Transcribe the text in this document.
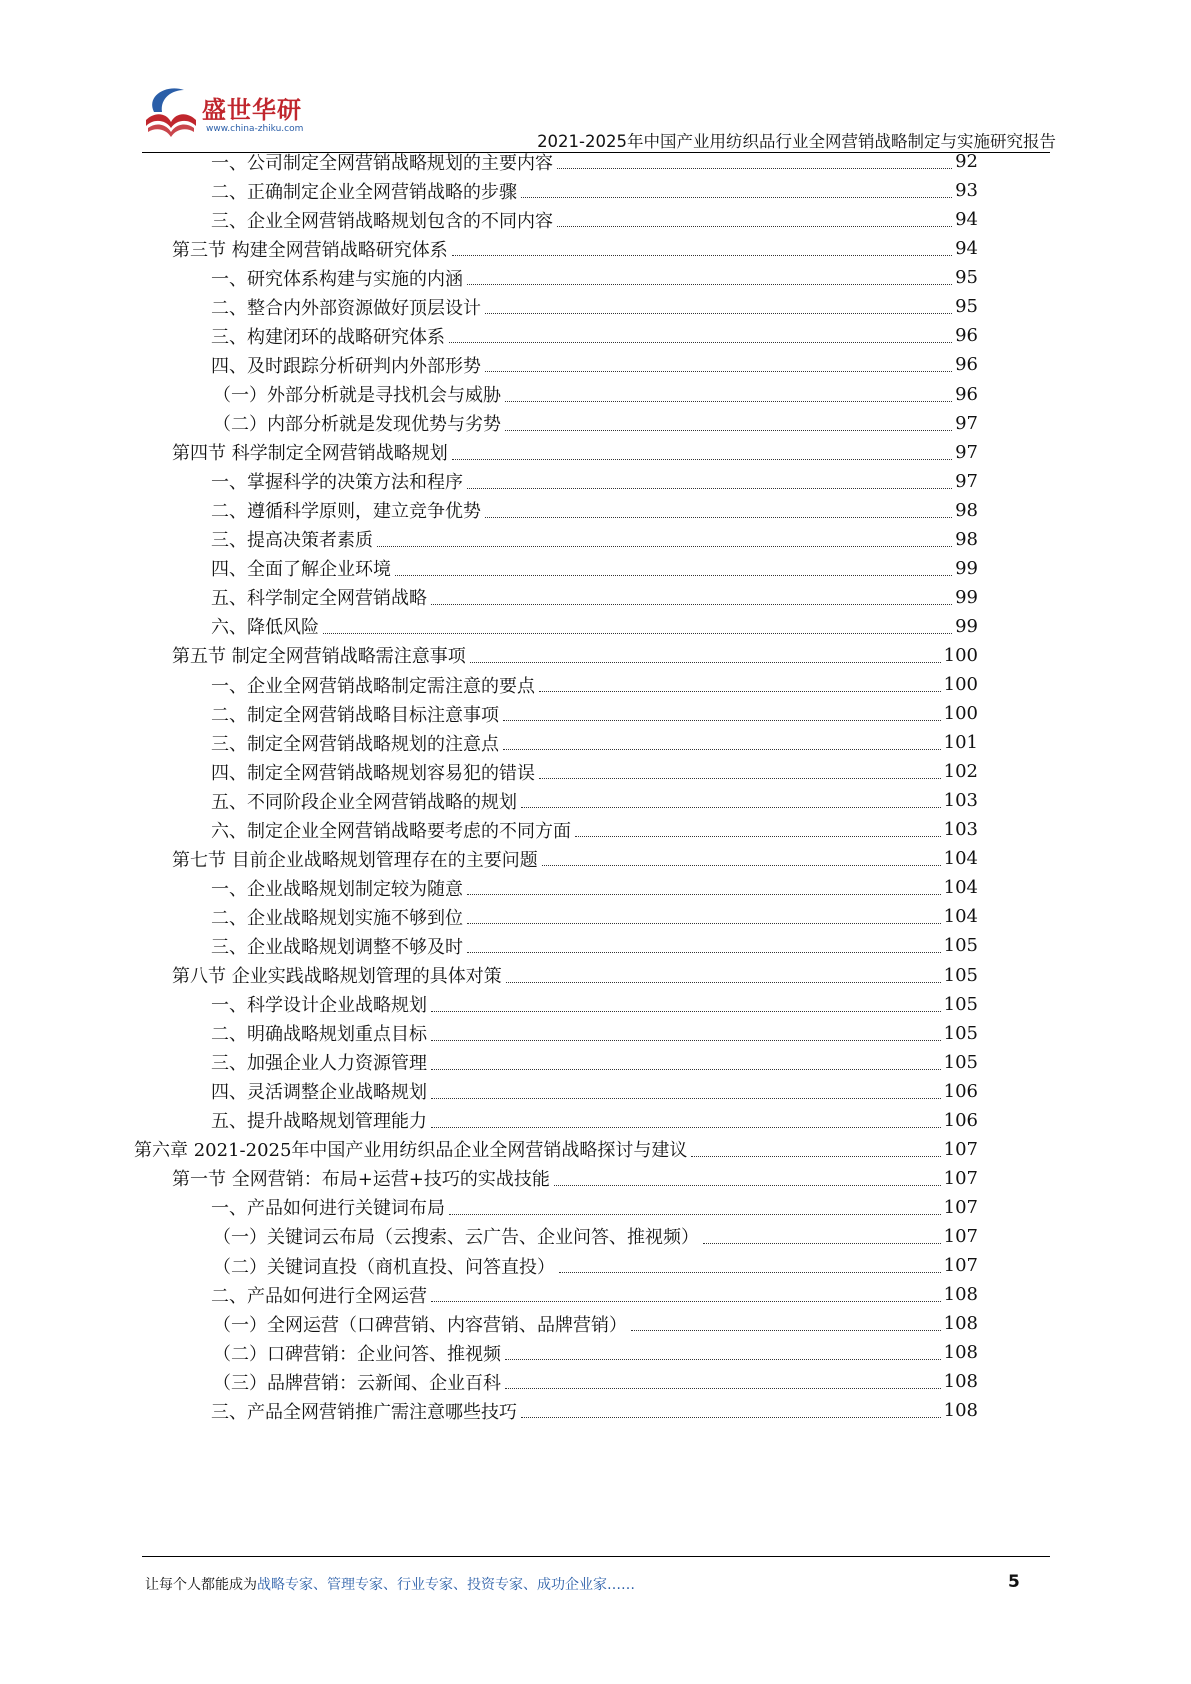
盛世华研
www.china-zhiku.com
2021-2025年中国产业用纺织品行业全网营销战略制定与实施研究报告
一、公司制定全网营销战略规划的主要内容	92
二、正确制定企业全网营销战略的步骤	93
三、企业全网营销战略规划包含的不同内容	94
第三节 构建全网营销战略研究体系	94
一、研究体系构建与实施的内涵	95
二、整合内外部资源做好顶层设计	95
三、构建闭环的战略研究体系	96
四、及时跟踪分析研判内外部形势	96
（一）外部分析就是寻找机会与威胁	96
（二）内部分析就是发现优势与劣势	97
第四节 科学制定全网营销战略规划	97
一、掌握科学的决策方法和程序	97
二、遵循科学原则，建立竞争优势	98
三、提高决策者素质	98
四、全面了解企业环境	99
五、科学制定全网营销战略	99
六、降低风险	99
第五节 制定全网营销战略需注意事项	100
一、企业全网营销战略制定需注意的要点	100
二、制定全网营销战略目标注意事项	100
三、制定全网营销战略规划的注意点	101
四、制定全网营销战略规划容易犯的错误	102
五、不同阶段企业全网营销战略的规划	103
六、制定企业全网营销战略要考虑的不同方面	103
第七节 目前企业战略规划管理存在的主要问题	104
一、企业战略规划制定较为随意	104
二、企业战略规划实施不够到位	104
三、企业战略规划调整不够及时	105
第八节 企业实践战略规划管理的具体对策	105
一、科学设计企业战略规划	105
二、明确战略规划重点目标	105
三、加强企业人力资源管理	105
四、灵活调整企业战略规划	106
五、提升战略规划管理能力	106
第六章 2021-2025年中国产业用纺织品企业全网营销战略探讨与建议	107
第一节 全网营销：布局+运营+技巧的实战技能	107
一、产品如何进行关键词布局	107
（一）关键词云布局（云搜索、云广告、企业问答、推视频）	107
（二）关键词直投（商机直投、问答直投）	107
二、产品如何进行全网运营	108
（一）全网运营（口碑营销、内容营销、品牌营销）	108
（二）口碑营销：企业问答、推视频	108
（三）品牌营销：云新闻、企业百科	108
三、产品全网营销推广需注意哪些技巧	108
让每个人都能成为战略专家、管理专家、行业专家、投资专家、成功企业家……	5
